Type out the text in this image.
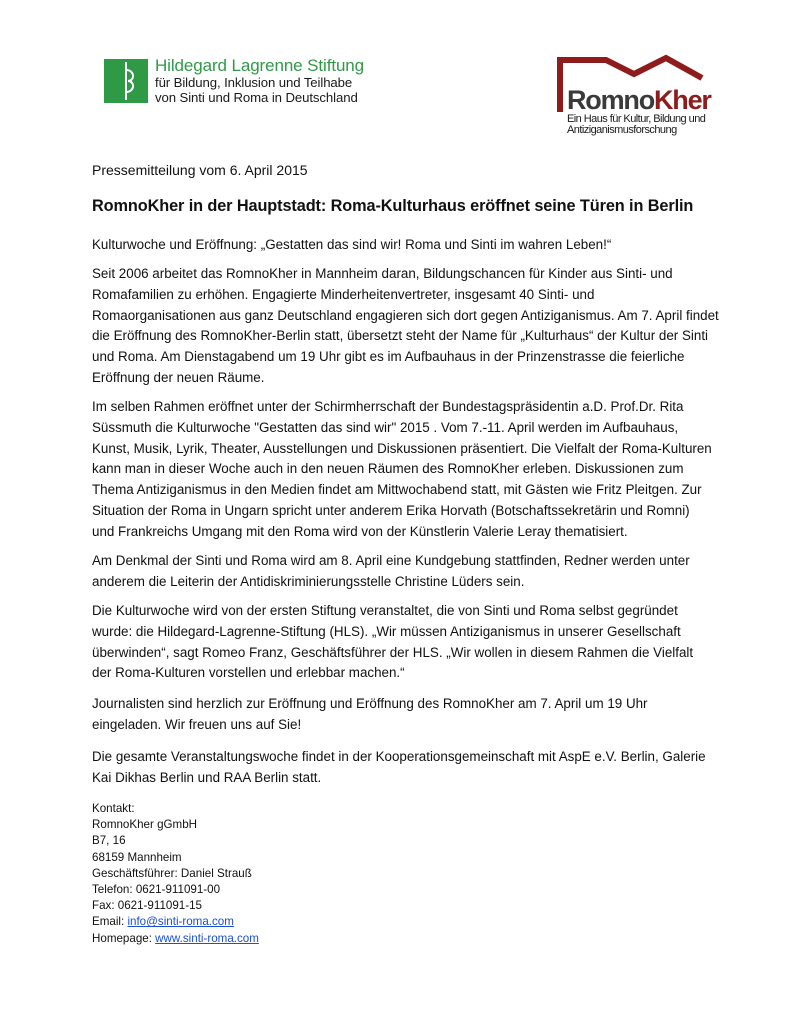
Hildegard Lagrenne Stiftung
für Bildung, Inklusion und Teilhabe
von Sinti und Roma in Deutschland	RomnoKher
Ein Haus für Kultur, Bildung und
Antiziganismusforschung
Pressemitteilung vom 6. April 2015
RomnoKher in der Hauptstadt: Roma-Kulturhaus eröffnet seine Türen in Berlin

Kulturwoche und Eröffnung: „Gestatten das sind wir! Roma und Sinti im wahren Leben!“

Seit 2006 arbeitet das RomnoKher in Mannheim daran, Bildungschancen für Kinder aus Sinti- und
Romafamilien zu erhöhen. Engagierte Minderheitenvertreter, insgesamt 40 Sinti- und
Romaorganisationen aus ganz Deutschland engagieren sich dort gegen Antiziganismus. Am 7. April findet
die Eröffnung des RomnoKher-Berlin statt, übersetzt steht der Name für „Kulturhaus“ der Kultur der Sinti
und Roma. Am Dienstagabend um 19 Uhr gibt es im Aufbauhaus in der Prinzenstrasse die feierliche
Eröffnung der neuen Räume.

Im selben Rahmen eröffnet unter der Schirmherrschaft der Bundestagspräsidentin a.D. Prof.Dr. Rita
Süssmuth die Kulturwoche "Gestatten das sind wir" 2015 . Vom 7.-11. April werden im Aufbauhaus,
Kunst, Musik, Lyrik, Theater, Ausstellungen und Diskussionen präsentiert. Die Vielfalt der Roma-Kulturen
kann man in dieser Woche auch in den neuen Räumen des RomnoKher erleben. Diskussionen zum
Thema Antiziganismus in den Medien findet am Mittwochabend statt, mit Gästen wie Fritz Pleitgen. Zur
Situation der Roma in Ungarn spricht unter anderem Erika Horvath (Botschaftssekretärin und Romni)
und Frankreichs Umgang mit den Roma wird von der Künstlerin Valerie Leray thematisiert.

Am Denkmal der Sinti und Roma wird am 8. April eine Kundgebung stattfinden, Redner werden unter
anderem die Leiterin der Antidiskriminierungsstelle Christine Lüders sein.

Die Kulturwoche wird von der ersten Stiftung veranstaltet, die von Sinti und Roma selbst gegründet
wurde: die Hildegard-Lagrenne-Stiftung (HLS). „Wir müssen Antiziganismus in unserer Gesellschaft
überwinden“, sagt Romeo Franz, Geschäftsführer der HLS. „Wir wollen in diesem Rahmen die Vielfalt
der Roma-Kulturen vorstellen und erlebbar machen.“

Journalisten sind herzlich zur Eröffnung und Eröffnung des RomnoKher am 7. April um 19 Uhr
eingeladen. Wir freuen uns auf Sie!

Die gesamte Veranstaltungswoche findet in der Kooperationsgemeinschaft mit AspE e.V. Berlin, Galerie
Kai Dikhas Berlin und RAA Berlin statt.

Kontakt:
RomnoKher gGmbH
B7, 16
68159 Mannheim
Geschäftsführer: Daniel Strauß
Telefon: 0621-911091-00
Fax: 0621-911091-15
Email: info@sinti-roma.com
Homepage: www.sinti-roma.com
